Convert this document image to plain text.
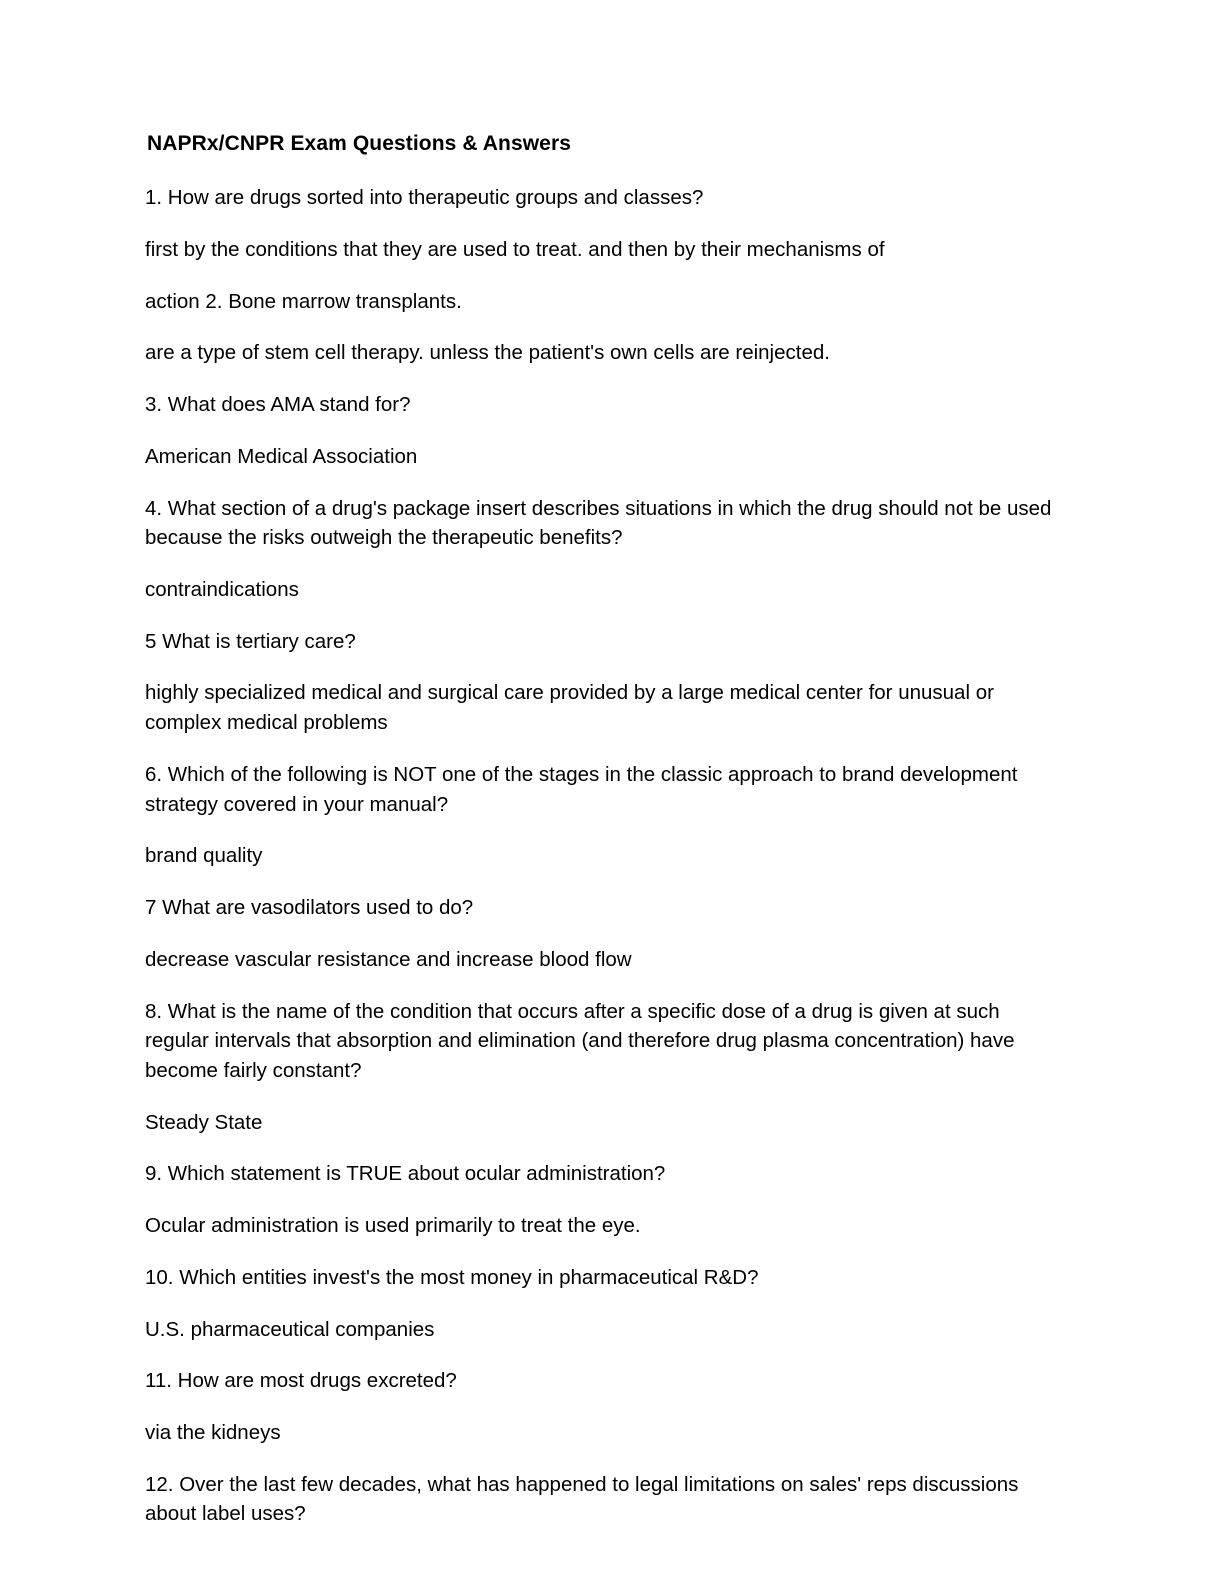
NAPRx/CNPR Exam Questions & Answers

1. How are drugs sorted into therapeutic groups and classes?

first by the conditions that they are used to treat. and then by their mechanisms of

action 2. Bone marrow transplants.

are a type of stem cell therapy. unless the patient's own cells are reinjected.

3. What does AMA stand for?

American Medical Association

4. What section of a drug's package insert describes situations in which the drug should not be used because the risks outweigh the therapeutic benefits?

contraindications

5 What is tertiary care?

highly specialized medical and surgical care provided by a large medical center for unusual or complex medical problems

6. Which of the following is NOT one of the stages in the classic approach to brand development strategy covered in your manual?

brand quality

7 What are vasodilators used to do?

decrease vascular resistance and increase blood flow

8. What is the name of the condition that occurs after a specific dose of a drug is given at such regular intervals that absorption and elimination (and therefore drug plasma concentration) have become fairly constant?

Steady State

9. Which statement is TRUE about ocular administration?

Ocular administration is used primarily to treat the eye.

10. Which entities invest's the most money in pharmaceutical R&D?

U.S. pharmaceutical companies

11. How are most drugs excreted?

via the kidneys

12. Over the last few decades, what has happened to legal limitations on sales' reps discussions about label uses?
